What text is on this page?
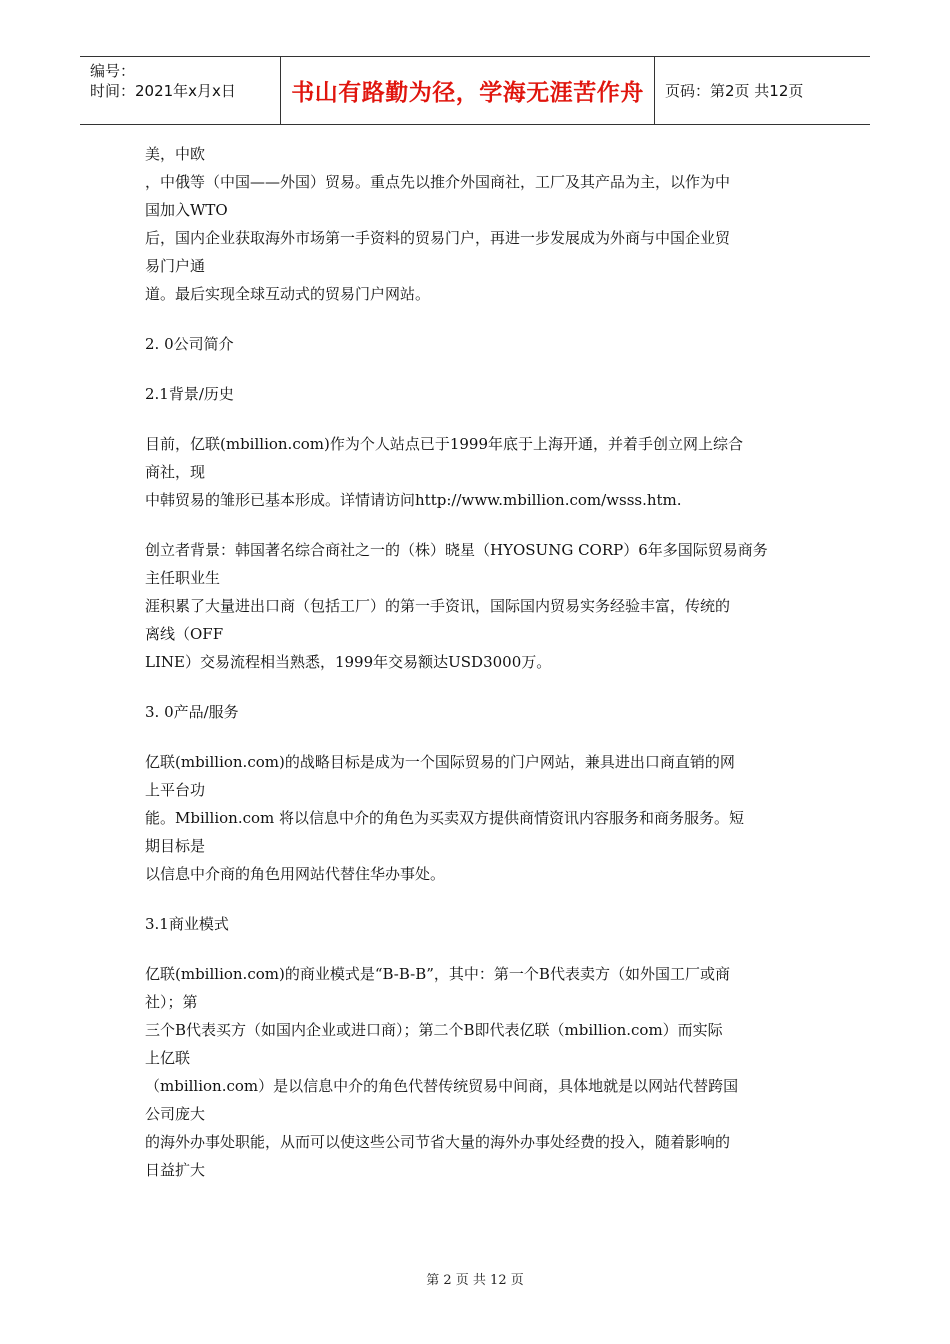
编号：
时间：2021年x月x日	书山有路勤为径，学海无涯苦作舟	页码：第2页 共12页

美，中欧

，中俄等（中国——外国）贸易。重点先以推介外国商社，工厂及其产品为主，以作为中

国加入WTO

后，国内企业获取海外市场第一手资料的贸易门户，再进一步发展成为外商与中国企业贸

易门户通

道。最后实现全球互动式的贸易门户网站。

2. 0公司简介

2.1背景/历史

目前，亿联(mbillion.com)作为个人站点已于1999年底于上海开通，并着手创立网上综合

商社，现

中韩贸易的雏形已基本形成。详情请访问http://www.mbillion.com/wsss.htm.

创立者背景：韩国著名综合商社之一的（株）晓星（HYOSUNG CORP）6年多国际贸易商务

主任职业生

涯积累了大量进出口商（包括工厂）的第一手资讯，国际国内贸易实务经验丰富，传统的

离线（OFF

LINE）交易流程相当熟悉，1999年交易额达USD3000万。

3. 0产品/服务

亿联(mbillion.com)的战略目标是成为一个国际贸易的门户网站，兼具进出口商直销的网

上平台功

能。Mbillion.com 将以信息中介的角色为买卖双方提供商情资讯内容服务和商务服务。短

期目标是

以信息中介商的角色用网站代替住华办事处。

3.1商业模式

亿联(mbillion.com)的商业模式是“B-B-B”，其中：第一个B代表卖方（如外国工厂或商

社）；第

三个B代表买方（如国内企业或进口商）；第二个B即代表亿联（mbillion.com）而实际

上亿联

（mbillion.com）是以信息中介的角色代替传统贸易中间商，具体地就是以网站代替跨国

公司庞大

的海外办事处职能，从而可以使这些公司节省大量的海外办事处经费的投入，随着影响的

日益扩大

第 2 页 共 12 页
